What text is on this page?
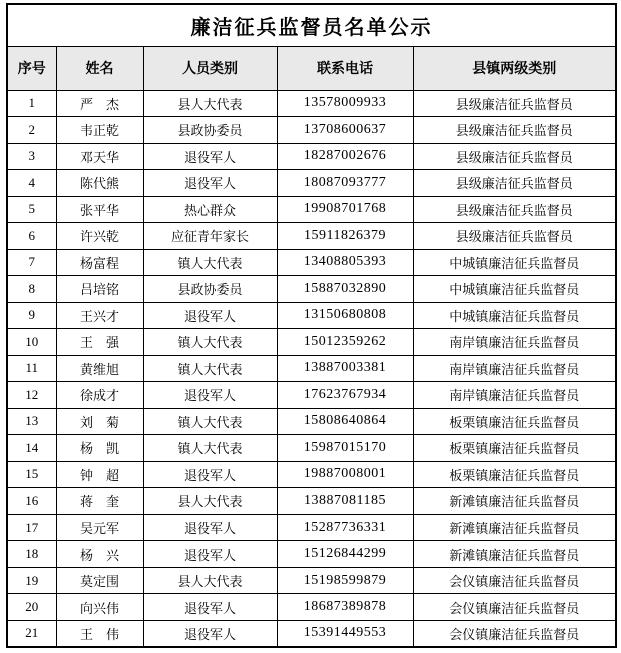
廉洁征兵监督员名单公示				
序号	姓名	人员类别	联系电话	县镇两级类别
1	严　杰	县人大代表	13578009933	县级廉洁征兵监督员
2	韦正乾	县政协委员	13708600637	县级廉洁征兵监督员
3	邓天华	退役军人	18287002676	县级廉洁征兵监督员
4	陈代熊	退役军人	18087093777	县级廉洁征兵监督员
5	张平华	热心群众	19908701768	县级廉洁征兵监督员
6	许兴乾	应征青年家长	15911826379	县级廉洁征兵监督员
7	杨富程	镇人大代表	13408805393	中城镇廉洁征兵监督员
8	吕培铭	县政协委员	15887032890	中城镇廉洁征兵监督员
9	王兴才	退役军人	13150680808	中城镇廉洁征兵监督员
10	王　强	镇人大代表	15012359262	南岸镇廉洁征兵监督员
11	黄维旭	镇人大代表	13887003381	南岸镇廉洁征兵监督员
12	徐成才	退役军人	17623767934	南岸镇廉洁征兵监督员
13	刘　菊	镇人大代表	15808640864	板栗镇廉洁征兵监督员
14	杨　凯	镇人大代表	15987015170	板栗镇廉洁征兵监督员
15	钟　超	退役军人	19887008001	板栗镇廉洁征兵监督员
16	蒋　奎	县人大代表	13887081185	新滩镇廉洁征兵监督员
17	吴元军	退役军人	15287736331	新滩镇廉洁征兵监督员
18	杨　兴	退役军人	15126844299	新滩镇廉洁征兵监督员
19	莫定围	县人大代表	15198599879	会仪镇廉洁征兵监督员
20	向兴伟	退役军人	18687389878	会仪镇廉洁征兵监督员
21	王　伟	退役军人	15391449553	会仪镇廉洁征兵监督员
